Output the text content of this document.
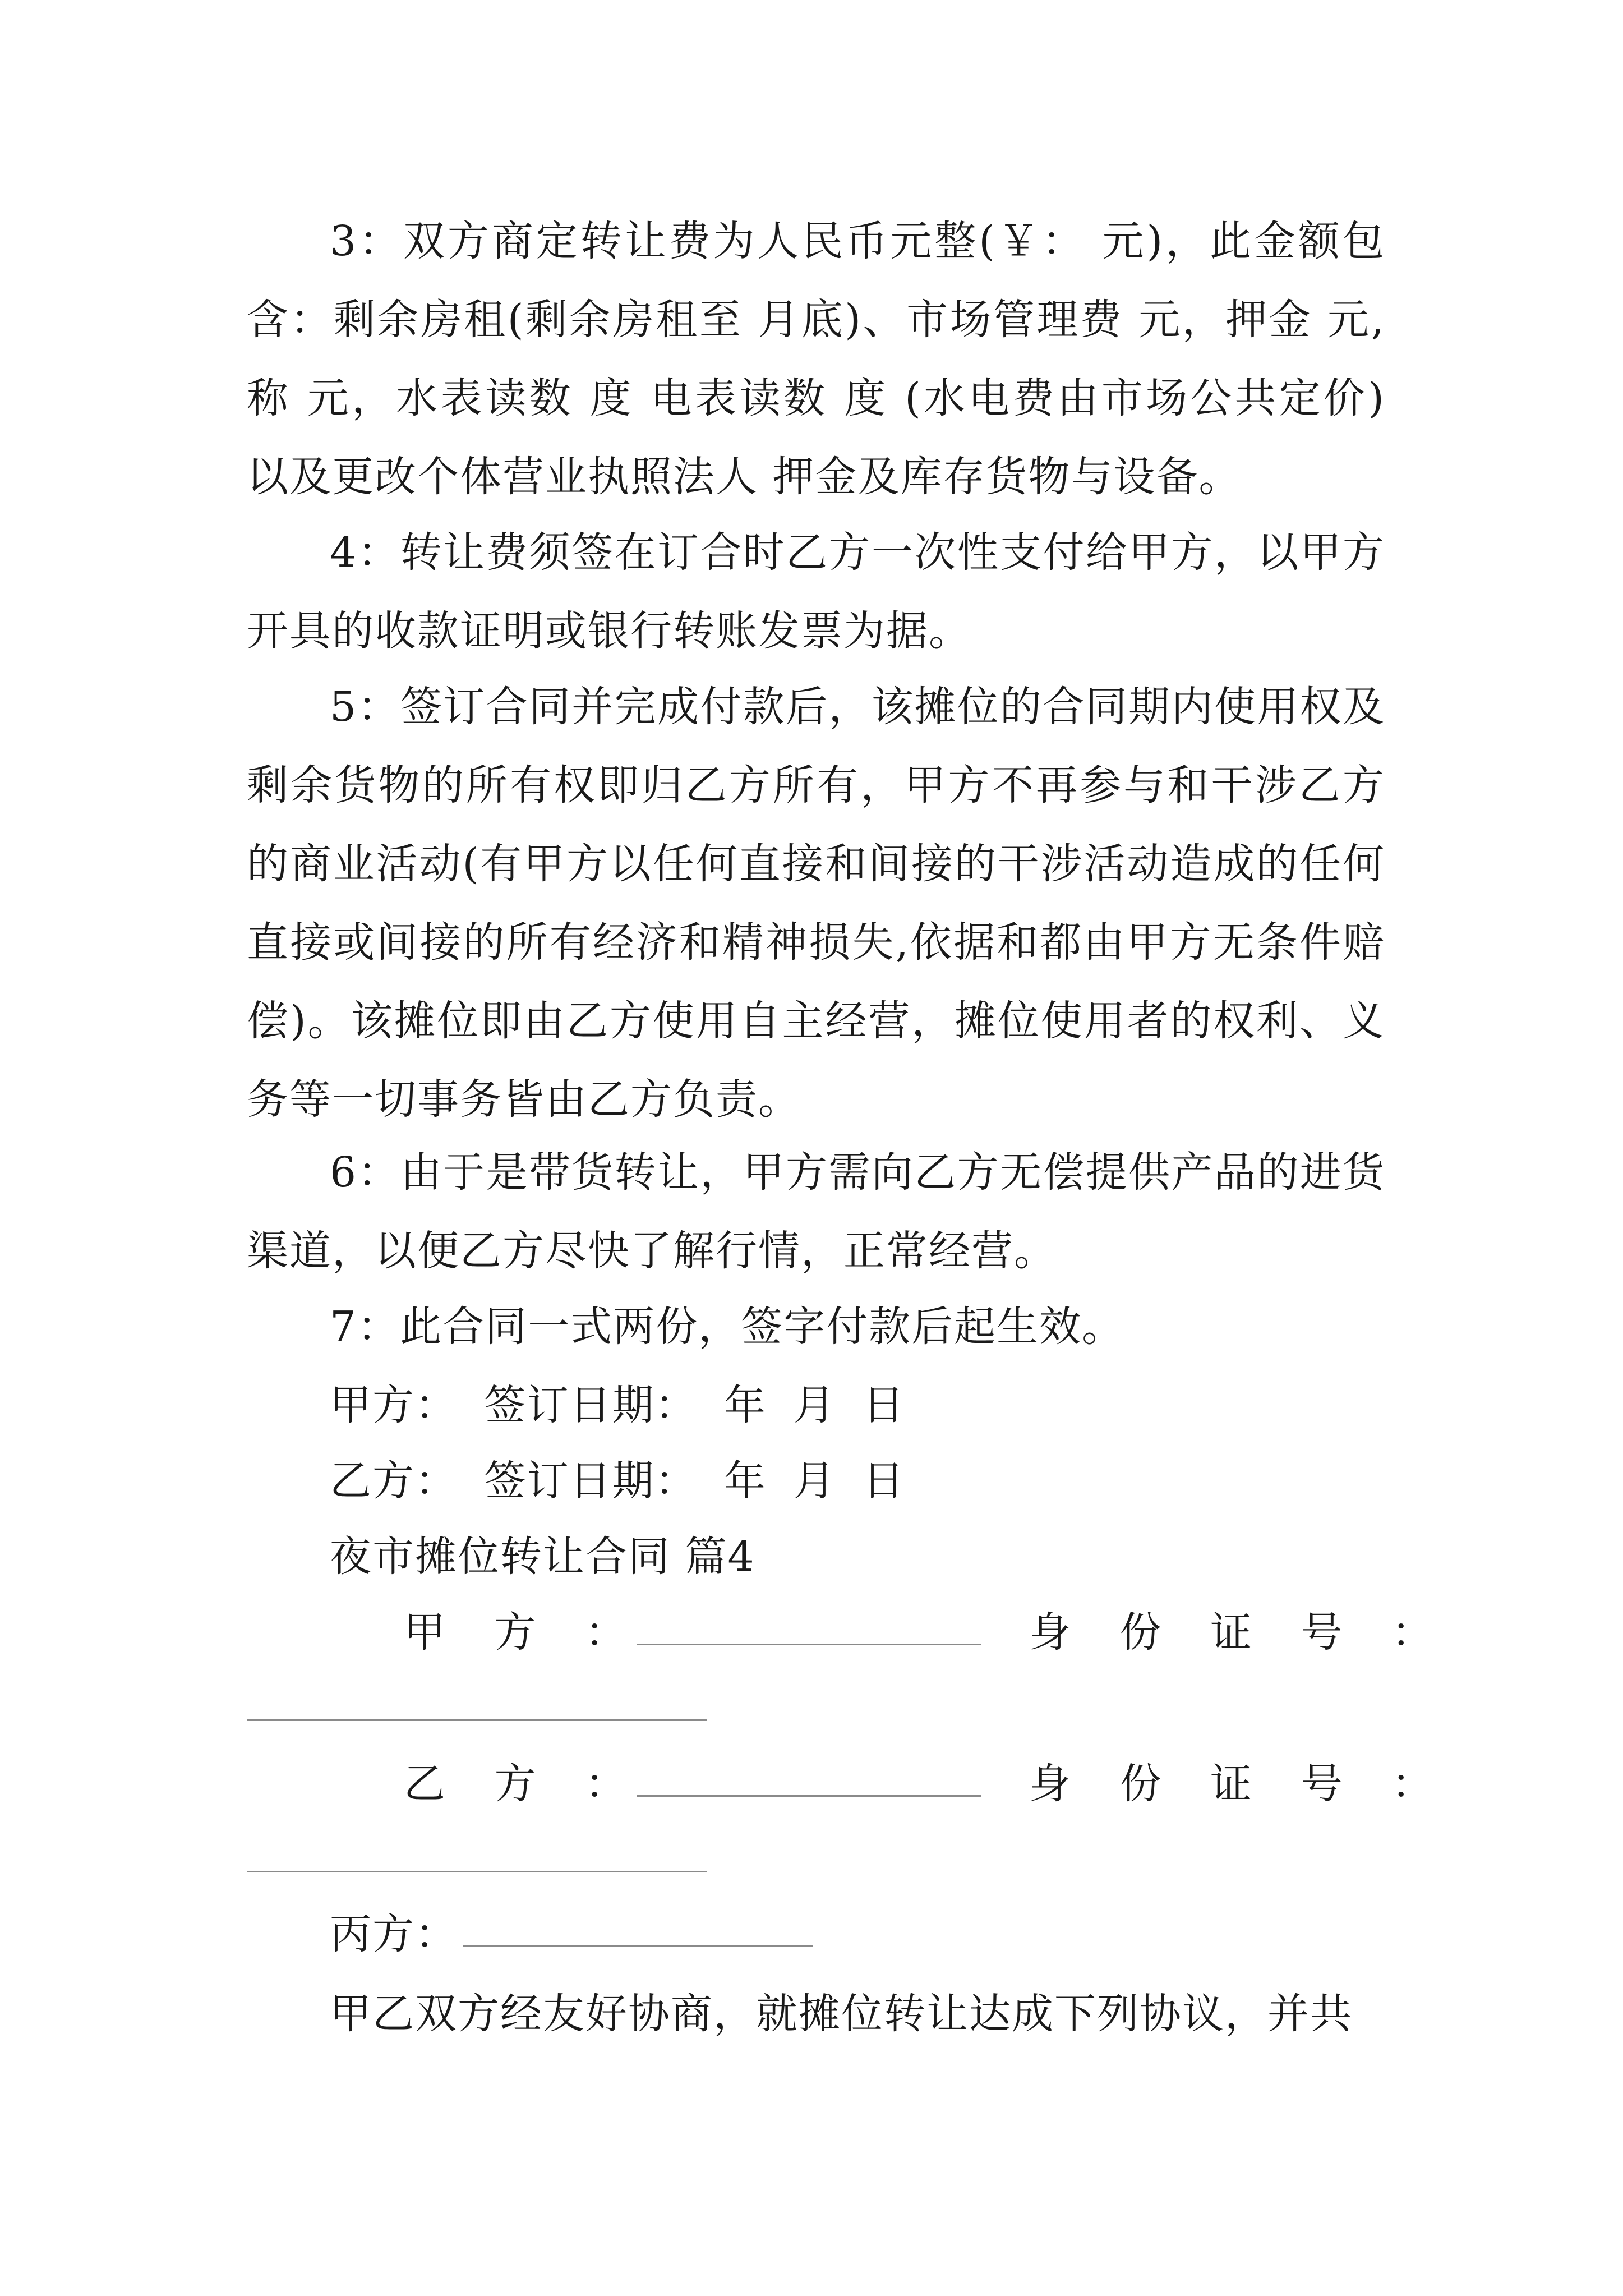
3：双方商定转让费为人民币元整(￥： 元)，此金额包含：剩余房租(剩余房租至 月底)、市场管理费 元，押金 元,称 元，水表读数 度 电表读数 度 (水电费由市场公共定价) 以及更改个体营业执照法人 押金及库存货物与设备。

4：转让费须签在订合时乙方一次性支付给甲方，以甲方开具的收款证明或银行转账发票为据。

5：签订合同并完成付款后，该摊位的合同期内使用权及剩余货物的所有权即归乙方所有，甲方不再参与和干涉乙方的商业活动(有甲方以任何直接和间接的干涉活动造成的任何直接或间接的所有经济和精神损失,依据和都由甲方无条件赔偿)。该摊位即由乙方使用自主经营，摊位使用者的权利、义务等一切事务皆由乙方负责。

6：由于是带货转让，甲方需向乙方无偿提供产品的进货渠道，以便乙方尽快了解行情，正常经营。

7：此合同一式两份，签字付款后起生效。
甲方： 签订日期： 年 月 日
乙方： 签订日期： 年 月 日
夜市摊位转让合同 篇4
甲 方 ：	身 份 证 号 ：
乙 方 ：	身 份 证 号 ：
丙方：
甲乙双方经友好协商，就摊位转让达成下列协议，并共
